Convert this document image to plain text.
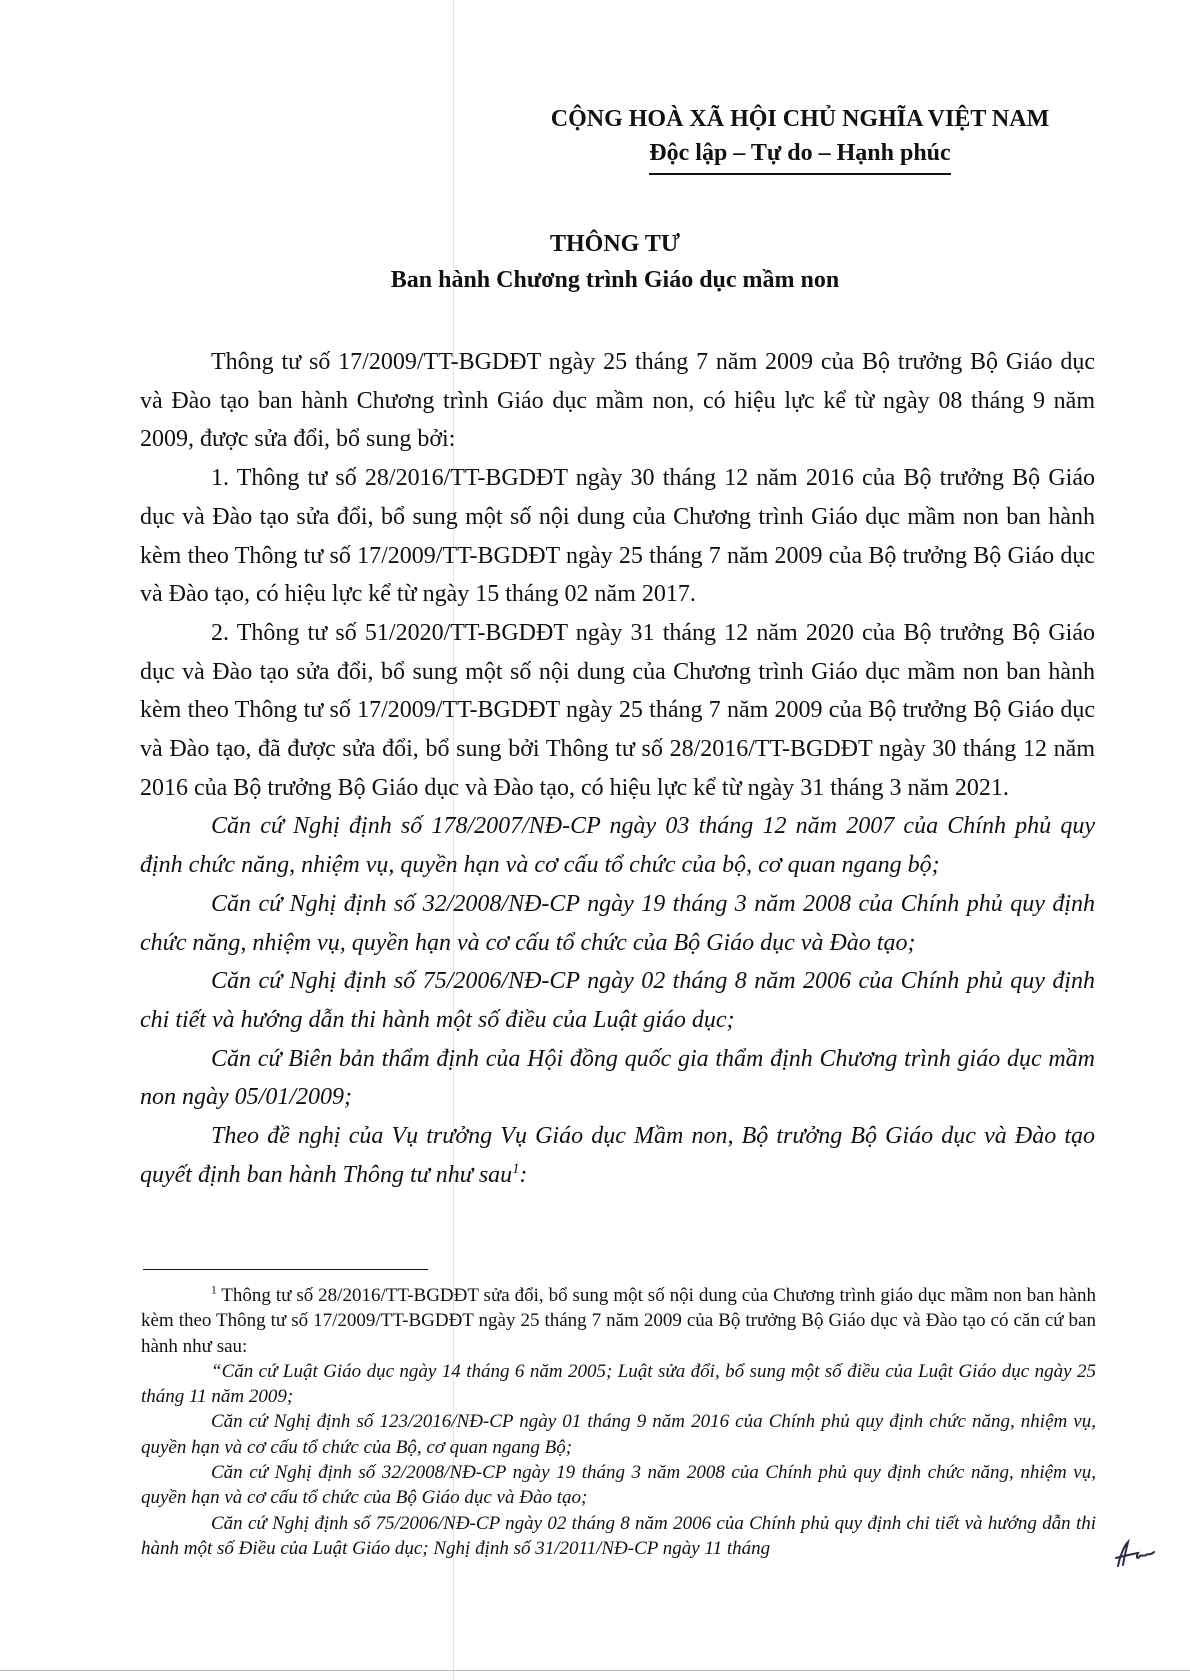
CỘNG HOÀ XÃ HỘI CHỦ NGHĨA VIỆT NAM
Độc lập – Tự do – Hạnh phúc
THÔNG TƯ
Ban hành Chương trình Giáo dục mầm non

Thông tư số 17/2009/TT-BGDĐT ngày 25 tháng 7 năm 2009 của Bộ trưởng Bộ Giáo dục và Đào tạo ban hành Chương trình Giáo dục mầm non, có hiệu lực kể từ ngày 08 tháng 9 năm 2009, được sửa đổi, bổ sung bởi:

1. Thông tư số 28/2016/TT-BGDĐT ngày 30 tháng 12 năm 2016 của Bộ trưởng Bộ Giáo dục và Đào tạo sửa đổi, bổ sung một số nội dung của Chương trình Giáo dục mầm non ban hành kèm theo Thông tư số 17/2009/TT-BGDĐT ngày 25 tháng 7 năm 2009 của Bộ trưởng Bộ Giáo dục và Đào tạo, có hiệu lực kể từ ngày 15 tháng 02 năm 2017.

2. Thông tư số 51/2020/TT-BGDĐT ngày 31 tháng 12 năm 2020 của Bộ trưởng Bộ Giáo dục và Đào tạo sửa đổi, bổ sung một số nội dung của Chương trình Giáo dục mầm non ban hành kèm theo Thông tư số 17/2009/TT-BGDĐT ngày 25 tháng 7 năm 2009 của Bộ trưởng Bộ Giáo dục và Đào tạo, đã được sửa đổi, bổ sung bởi Thông tư số 28/2016/TT-BGDĐT ngày 30 tháng 12 năm 2016 của Bộ trưởng Bộ Giáo dục và Đào tạo, có hiệu lực kể từ ngày 31 tháng 3 năm 2021.

Căn cứ Nghị định số 178/2007/NĐ-CP ngày 03 tháng 12 năm 2007 của Chính phủ quy định chức năng, nhiệm vụ, quyền hạn và cơ cấu tổ chức của bộ, cơ quan ngang bộ;

Căn cứ Nghị định số 32/2008/NĐ-CP ngày 19 tháng 3 năm 2008 của Chính phủ quy định chức năng, nhiệm vụ, quyền hạn và cơ cấu tổ chức của Bộ Giáo dục và Đào tạo;

Căn cứ Nghị định số 75/2006/NĐ-CP ngày 02 tháng 8 năm 2006 của Chính phủ quy định chi tiết và hướng dẫn thi hành một số điều của Luật giáo dục;

Căn cứ Biên bản thẩm định của Hội đồng quốc gia thẩm định Chương trình giáo dục mầm non ngày 05/01/2009;

Theo đề nghị của Vụ trưởng Vụ Giáo dục Mầm non, Bộ trưởng Bộ Giáo dục và Đào tạo quyết định ban hành Thông tư như sau$^1$:

$^1$ Thông tư số 28/2016/TT-BGDĐT sửa đổi, bổ sung một số nội dung của Chương trình giáo dục mầm non ban hành kèm theo Thông tư số 17/2009/TT-BGDĐT ngày 25 tháng 7 năm 2009 của Bộ trưởng Bộ Giáo dục và Đào tạo có căn cứ ban hành như sau:

“Căn cứ Luật Giáo dục ngày 14 tháng 6 năm 2005; Luật sửa đổi, bổ sung một số điều của Luật Giáo dục ngày 25 tháng 11 năm 2009;

Căn cứ Nghị định số 123/2016/NĐ-CP ngày 01 tháng 9 năm 2016 của Chính phủ quy định chức năng, nhiệm vụ, quyền hạn và cơ cấu tổ chức của Bộ, cơ quan ngang Bộ;

Căn cứ Nghị định số 32/2008/NĐ-CP ngày 19 tháng 3 năm 2008 của Chính phủ quy định chức năng, nhiệm vụ, quyền hạn và cơ cấu tổ chức của Bộ Giáo dục và Đào tạo;

Căn cứ Nghị định số 75/2006/NĐ-CP ngày 02 tháng 8 năm 2006 của Chính phủ quy định chi tiết và hướng dẫn thi hành một số Điều của Luật Giáo dục; Nghị định số 31/2011/NĐ-CP ngày 11 tháng
